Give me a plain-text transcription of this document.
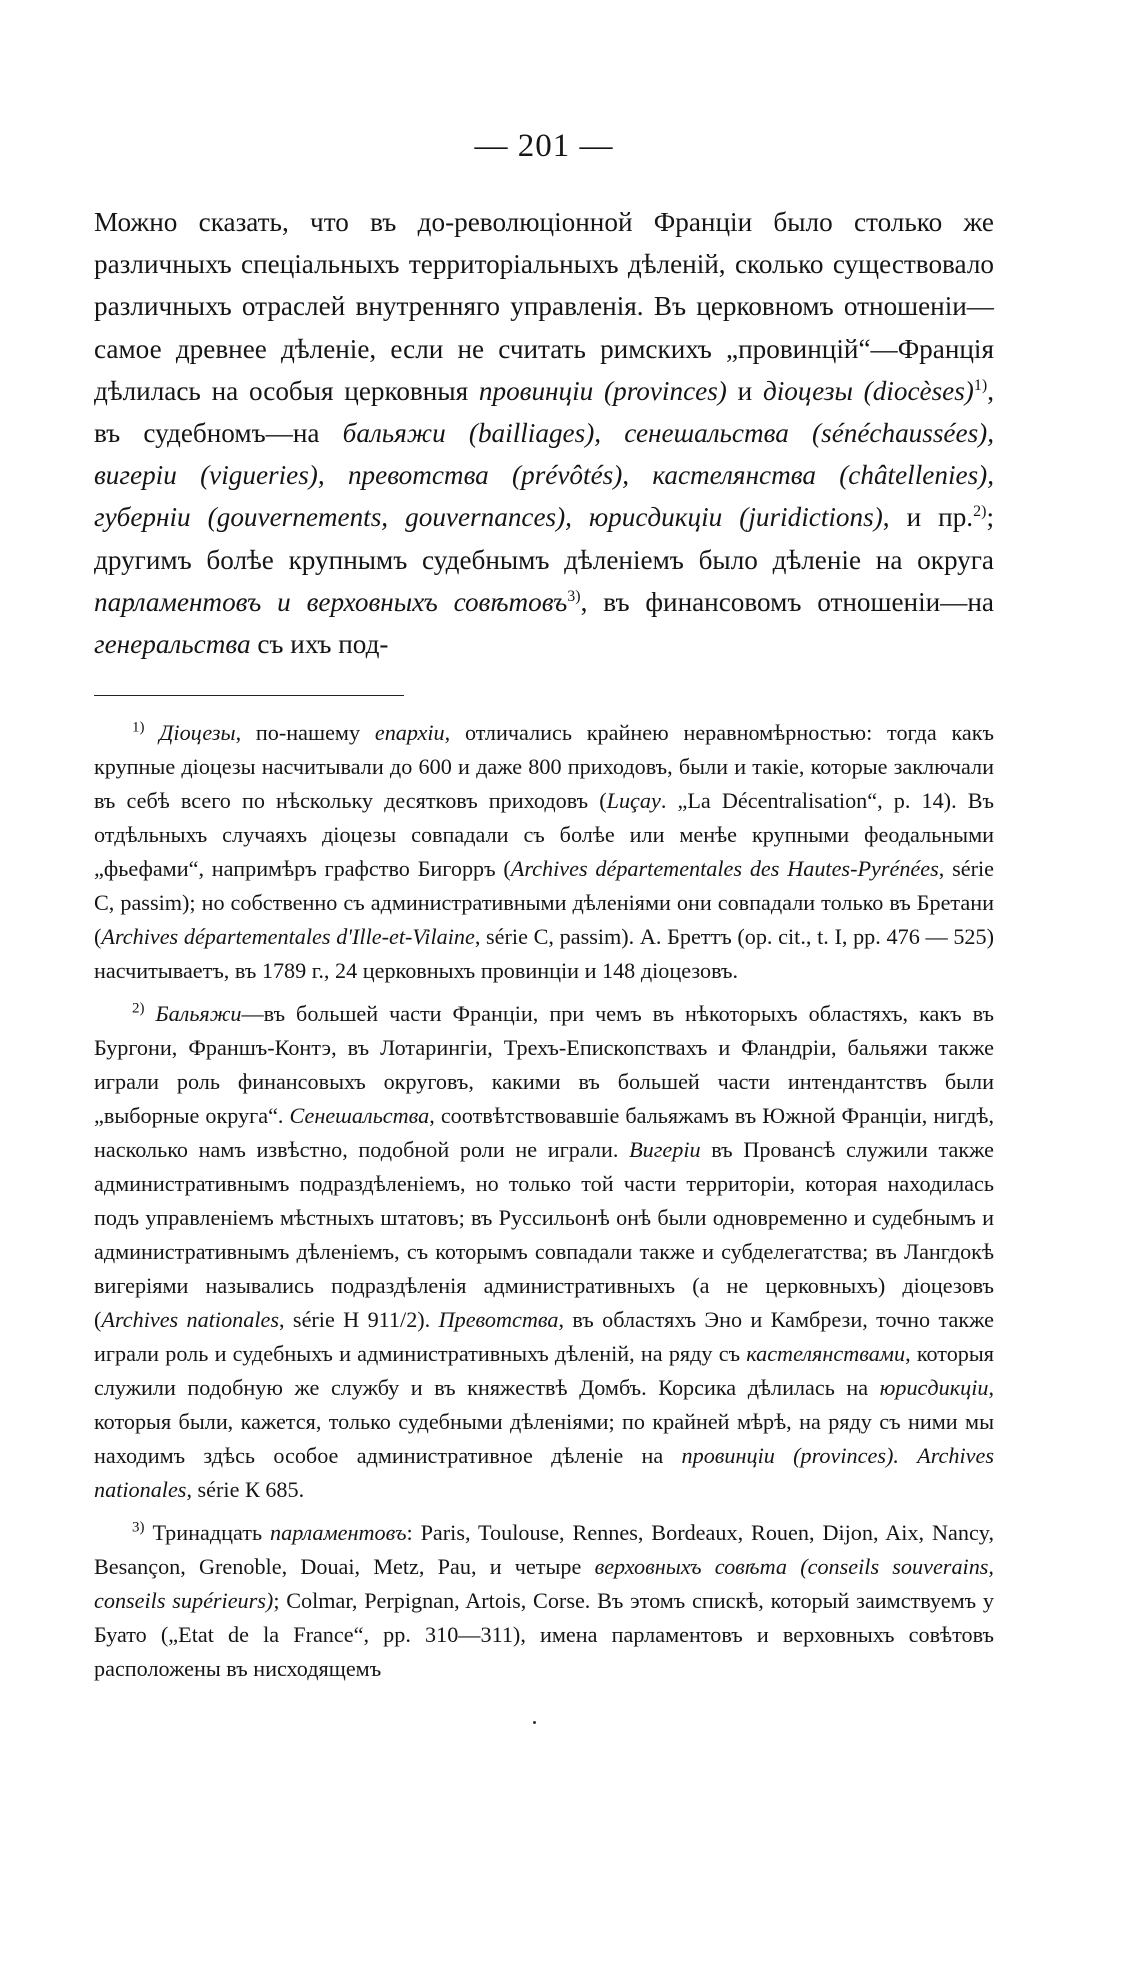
— 201 —

Можно сказать, что въ до-революціонной Франціи было столько же различныхъ спеціальныхъ территоріальныхъ дѣленій, сколько существовало различныхъ отраслей внутренняго управленія. Въ церковномъ отношеніи—самое древнее дѣленіе, если не считать римскихъ „провинцій“—Франція дѣлилась на особыя церковныя провинціи (provinces) и діоцезы (diocèses)$^{1)}$, въ судебномъ—на бальяжи (bailliages), сенешальства (sénéchaussées), вигеріи (vigueries), превотства (prévôtés), кастелянства (châtellenies), губерніи (gouvernements, gouvernances), юрисдикціи (juridictions), и пр.$^{2)}$; другимъ болѣе крупнымъ судебнымъ дѣленіемъ было дѣленіе на округа парламентовъ и верховныхъ совѣтовъ$^{3)}$, въ финансовомъ отношеніи—на генеральства съ ихъ под-

$^{1)}$ Діоцезы, по-нашему епархіи, отличались крайнею неравномѣрностью: тогда какъ крупные діоцезы насчитывали до 600 и даже 800 приходовъ, были и такіе, которые заключали въ себѣ всего по нѣскольку десятковъ приходовъ (Luçay. „La Décentralisation“, р. 14). Въ отдѣльныхъ случаяхъ діоцезы совпадали съ болѣе или менѣе крупными феодальными „фьефами“, напримѣръ графство Бигорръ (Archives départementales des Hautes-Pyrénées, série С, passim); но собственно съ административными дѣленіями они совпадали только въ Бретани (Archives départementales d'Ille-et-Vilaine, série С, passim). А. Бреттъ (ор. cit., t. I, pp. 476 — 525) насчитываетъ, въ 1789 г., 24 церковныхъ провинціи и 148 діоцезовъ.

$^{2)}$ Бальяжи—въ большей части Франціи, при чемъ въ нѣкоторыхъ областяхъ, какъ въ Бургони, Франшъ-Контэ, въ Лотарингіи, Трехъ-Епископствахъ и Фландріи, бальяжи также играли роль финансовыхъ округовъ, какими въ большей части интендантствъ были „выборные округа“. Сенешальства, соотвѣтствовавшіе бальяжамъ въ Южной Франціи, нигдѣ, насколько намъ извѣстно, подобной роли не играли. Вигеріи въ Провансѣ служили также административнымъ подраздѣленіемъ, но только той части территоріи, которая находилась подъ управленіемъ мѣстныхъ штатовъ; въ Руссильонѣ онѣ были одновременно и судебнымъ и административнымъ дѣленіемъ, съ которымъ совпадали также и субделегатства; въ Лангдокѣ вигеріями назывались подраздѣленія административныхъ (а не церковныхъ) діоцезовъ (Archives nationales, série Н 911/2). Превотства, въ областяхъ Эно и Камбрези, точно также играли роль и судебныхъ и административныхъ дѣленій, на ряду съ кастелянствами, которыя служили подобную же службу и въ княжествѣ Домбъ. Корсика дѣлилась на юрисдикціи, которыя были, кажется, только судебными дѣленіями; по крайней мѣрѣ, на ряду съ ними мы находимъ здѣсь особое административное дѣленіе на провинціи (provinces). Archives nationales, série К 685.

$^{3)}$ Тринадцать парламентовъ: Paris, Toulouse, Rennes, Bordeaux, Rouen, Dijon, Aix, Nancy, Besançon, Grenoble, Douai, Metz, Pau, и четыре верховныхъ совѣта (conseils souverains, conseils supérieurs); Colmar, Perpignan, Artois, Corse. Въ этомъ спискѣ, который заимствуемъ у Буато („Etat de la France“, pp. 310—311), имена парламентовъ и верховныхъ совѣтовъ расположены въ нисходящемъ
